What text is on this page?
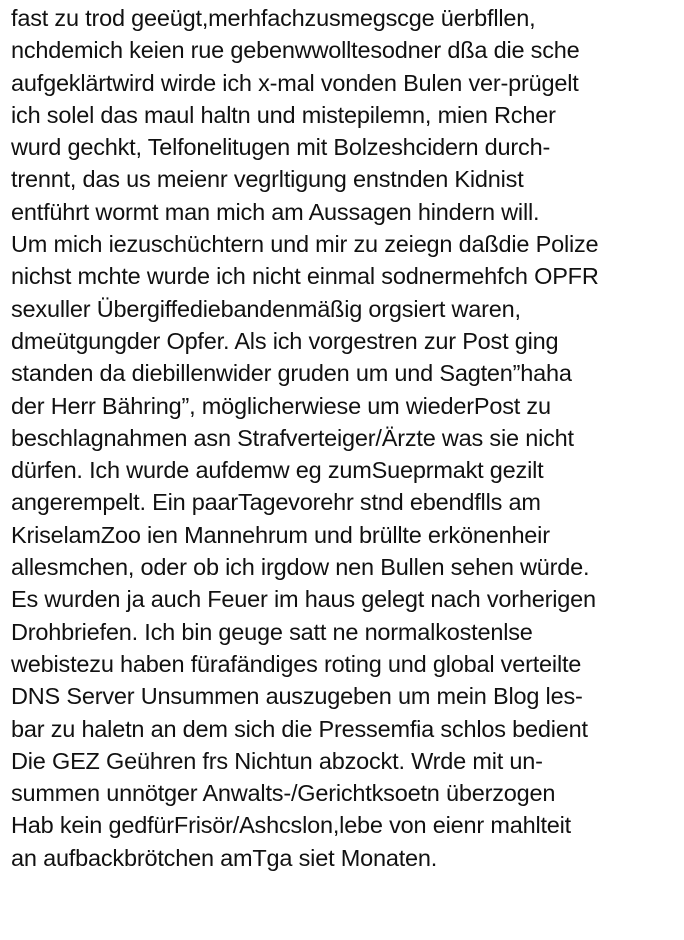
fast zu trod geeügt,merhfachzusmegscge üerbfllen,
nchdemich keien rue gebenwwolltesodner dßa die sche
aufgeklärtwird wirde ich x-mal vonden Bulen ver-prügelt
ich solel das maul haltn und mistepilemn, mien Rcher
wurd gechkt, Telfonelitugen mit Bolzeshcidern durch-
trennt, das us meienr vegrltigung enstnden Kidnist
entführt wormt man mich am Aussagen hindern will.
Um mich iezuschüchtern und mir zu zeiegn daßdie Polize
nichst mchte wurde ich nicht einmal sodnermehfch OPFR
sexuller Übergiffediebandenmäßig orgsiert waren,
dmeütgungder Opfer. Als ich vorgestren zur Post ging
standen da diebillenwider gruden um und Sagten”haha
der Herr Bähring”, möglicherwiese um wiederPost zu
beschlagnahmen asn Strafverteiger/Ärzte was sie nicht
dürfen. Ich wurde aufdemw eg zumSueprmakt gezilt
angerempelt. Ein paarTagevorehr stnd ebendflls am
KriselamZoo ien Mannehrum und brüllte erkönenheir
allesmchen, oder ob ich irgdow nen Bullen sehen würde.
Es wurden ja auch Feuer im haus gelegt nach vorherigen
Drohbriefen. Ich bin geuge satt ne normalkostenlse
webistezu haben fürafändiges roting und global verteilte
DNS Server Unsummen auszugeben um mein Blog les-
bar zu haletn an dem sich die Pressemfia schlos bedient
Die GEZ Geühren frs Nichtun abzockt. Wrde mit un-
summen unnötger Anwalts-/Gerichtksoetn überzogen
Hab kein gedfürFrisör/Ashcslon,lebe von eienr mahlteit
an aufbackbrötchen amTga siet Monaten.
